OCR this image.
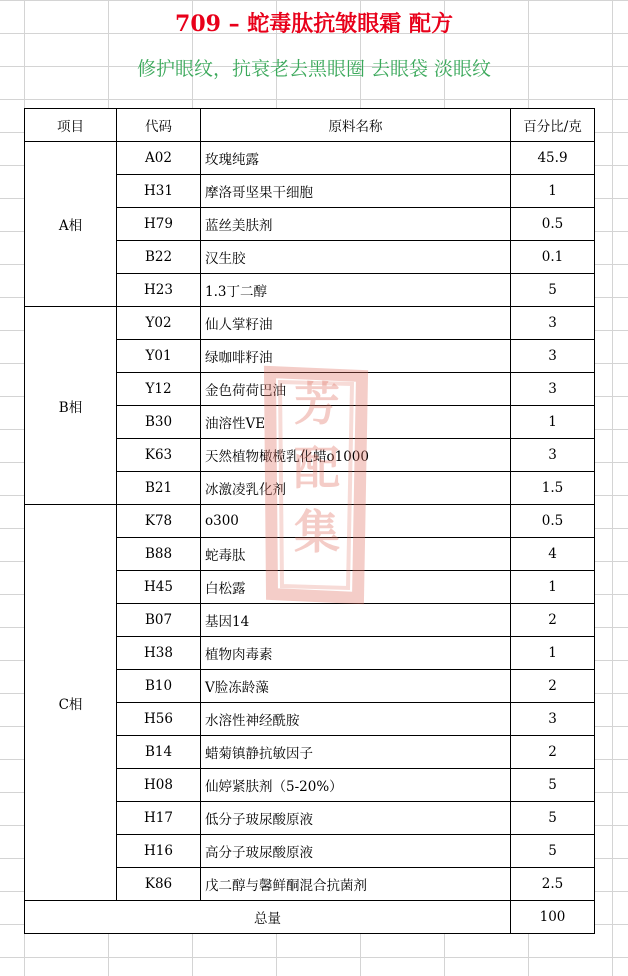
709 – 蛇毒肽抗皱眼霜 配方
修护眼纹，抗衰老去黑眼圈 去眼袋 淡眼纹
项目	代码	原料名称	百分比/克
A相	A02	玫瑰纯露	45.9
	H31	摩洛哥坚果干细胞	1
	H79	蓝丝美肤剂	0.5
	B22	汉生胶	0.1
	H23	1.3丁二醇	5
B相	Y02	仙人掌籽油	3
	Y01	绿咖啡籽油	3
	Y12	金色荷荷巴油	3
	B30	油溶性VE	1
	K63	天然植物橄榄乳化蜡o1000	3
	B21	冰激凌乳化剂	1.5
C相	K78	o300	0.5
	B88	蛇毒肽	4
	H45	白松露	1
	B07	基因14	2
	H38	植物肉毒素	1
	B10	V脸冻龄藻	2
	H56	水溶性神经酰胺	3
	B14	蜡菊镇静抗敏因子	2
	H08	仙婷紧肤剂（5-20%）	5
	H17	低分子玻尿酸原液	5
	H16	高分子玻尿酸原液	5
	K86	戊二醇与馨鲜酮混合抗菌剂	2.5
总量			100
芳配集
